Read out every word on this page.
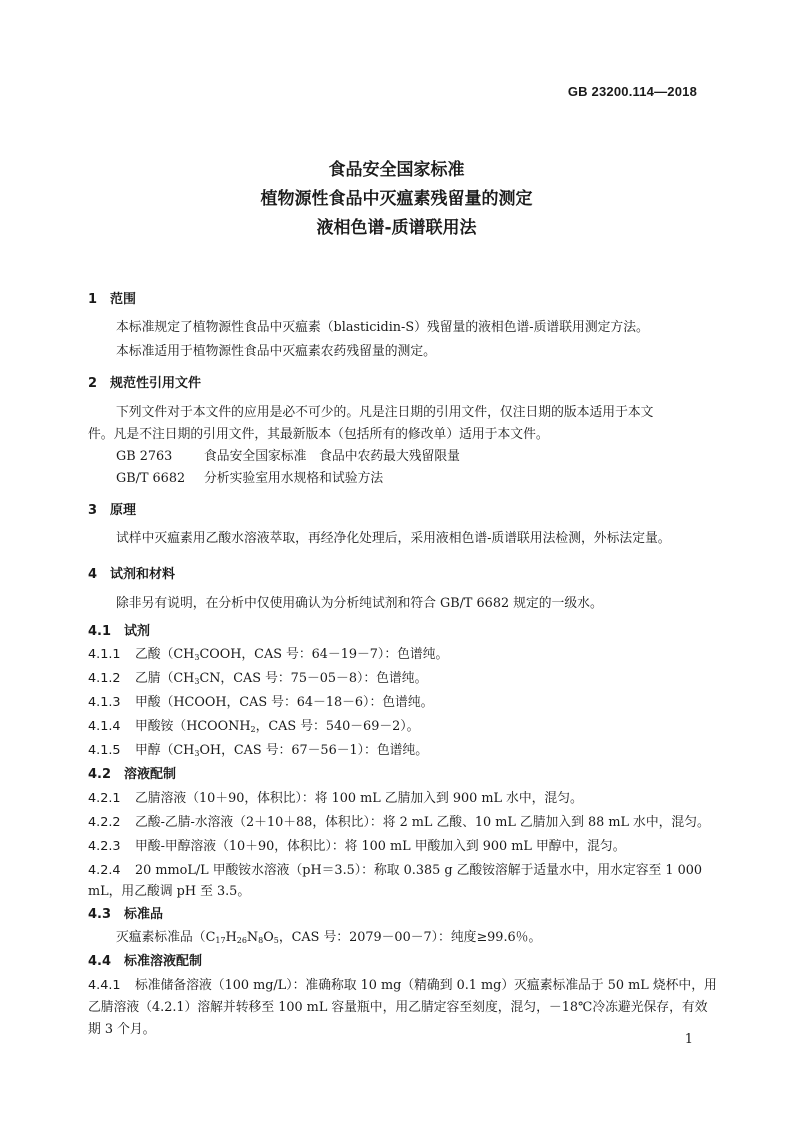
GB 23200.114—2018
食品安全国家标准
植物源性食品中灭瘟素残留量的测定
液相色谱-质谱联用法
1 范围
本标准规定了植物源性食品中灭瘟素（blasticidin-S）残留量的液相色谱-质谱联用测定方法。
本标准适用于植物源性食品中灭瘟素农药残留量的测定。
2 规范性引用文件
下列文件对于本文件的应用是必不可少的。凡是注日期的引用文件，仅注日期的版本适用于本文
件。凡是不注日期的引用文件，其最新版本（包括所有的修改单）适用于本文件。
GB 2763 食品安全国家标准　食品中农药最大残留限量
GB/T 6682 分析实验室用水规格和试验方法
3 原理
试样中灭瘟素用乙酸水溶液萃取，再经净化处理后，采用液相色谱-质谱联用法检测，外标法定量。
4 试剂和材料
除非另有说明，在分析中仅使用确认为分析纯试剂和符合 GB/T 6682 规定的一级水。
4.1 试剂
4.1.1 乙酸（$CH_3COOH$，CAS 号：64－19－7）：色谱纯。
4.1.2 乙腈（$CH_3CN$，CAS 号：75－05－8）：色谱纯。
4.1.3 甲酸（HCOOH，CAS 号：64－18－6）：色谱纯。
4.1.4 甲酸铵（$HCOONH_2$，CAS 号：540－69－2）。
4.1.5 甲醇（$CH_3OH$，CAS 号：67－56－1）：色谱纯。
4.2 溶液配制
4.2.1 乙腈溶液（10＋90，体积比）：将 100 mL 乙腈加入到 900 mL 水中，混匀。
4.2.2 乙酸-乙腈-水溶液（2＋10＋88，体积比）：将 2 mL 乙酸、10 mL 乙腈加入到 88 mL 水中，混匀。
4.2.3 甲酸-甲醇溶液（10＋90，体积比）：将 100 mL 甲酸加入到 900 mL 甲醇中，混匀。
4.2.4 20 mmoL/L 甲酸铵水溶液（pH＝3.5）：称取 0.385 g 乙酸铵溶解于适量水中，用水定容至 1 000
mL，用乙酸调 pH 至 3.5。
4.3 标准品
灭瘟素标准品（$C_{17}H_{26}N_8O_5$，CAS 号：2079－00－7）：纯度≥99.6％。
4.4 标准溶液配制
4.4.1 标准储备溶液（100 mg/L）：准确称取 10 mg（精确到 0.1 mg）灭瘟素标准品于 50 mL 烧杯中，用
乙腈溶液（4.2.1）溶解并转移至 100 mL 容量瓶中，用乙腈定容至刻度，混匀，－18℃冷冻避光保存，有效
期 3 个月。
1
